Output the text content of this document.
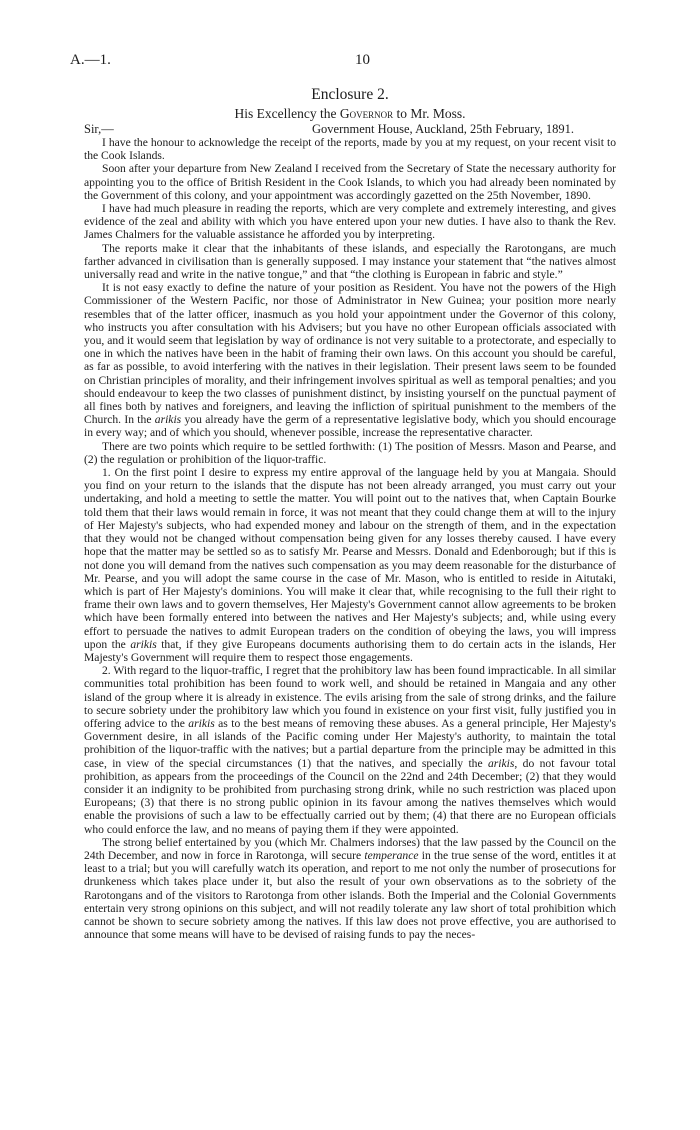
A.—1.	10
Enclosure 2.
His Excellency the Governor to Mr. Moss.
Sir,—	Government House, Auckland, 25th February, 1891.

I have the honour to acknowledge the receipt of the reports, made by you at my request, on your recent visit to the Cook Islands.

Soon after your departure from New Zealand I received from the Secretary of State the necessary authority for appointing you to the office of British Resident in the Cook Islands, to which you had already been nominated by the Government of this colony, and your appointment was accordingly gazetted on the 25th November, 1890.

I have had much pleasure in reading the reports, which are very complete and extremely interesting, and gives evidence of the zeal and ability with which you have entered upon your new duties. I have also to thank the Rev. James Chalmers for the valuable assistance he afforded you by interpreting.

The reports make it clear that the inhabitants of these islands, and especially the Rarotongans, are much farther advanced in civilisation than is generally supposed. I may instance your statement that “the natives almost universally read and write in the native tongue,” and that “the clothing is European in fabric and style.”

It is not easy exactly to define the nature of your position as Resident. You have not the powers of the High Commissioner of the Western Pacific, nor those of Administrator in New Guinea; your position more nearly resembles that of the latter officer, inasmuch as you hold your appointment under the Governor of this colony, who instructs you after consultation with his Advisers; but you have no other European officials associated with you, and it would seem that legislation by way of ordinance is not very suitable to a protectorate, and especially to one in which the natives have been in the habit of framing their own laws. On this account you should be careful, as far as possible, to avoid interfering with the natives in their legislation. Their present laws seem to be founded on Christian principles of morality, and their infringement involves spiritual as well as temporal penalties; and you should endeavour to keep the two classes of punishment distinct, by insisting yourself on the punctual payment of all fines both by natives and foreigners, and leaving the infliction of spiritual punishment to the members of the Church. In the arikis you already have the germ of a representative legislative body, which you should encourage in every way; and of which you should, whenever possible, increase the representative character.

There are two points which require to be settled forthwith: (1) The position of Messrs. Mason and Pearse, and (2) the regulation or prohibition of the liquor-traffic.

1. On the first point I desire to express my entire approval of the language held by you at Mangaia. Should you find on your return to the islands that the dispute has not been already arranged, you must carry out your undertaking, and hold a meeting to settle the matter. You will point out to the natives that, when Captain Bourke told them that their laws would remain in force, it was not meant that they could change them at will to the injury of Her Majesty's subjects, who had expended money and labour on the strength of them, and in the expectation that they would not be changed without compensation being given for any losses thereby caused. I have every hope that the matter may be settled so as to satisfy Mr. Pearse and Messrs. Donald and Edenborough; but if this is not done you will demand from the natives such compensation as you may deem reasonable for the disturbance of Mr. Pearse, and you will adopt the same course in the case of Mr. Mason, who is entitled to reside in Aitutaki, which is part of Her Majesty's dominions. You will make it clear that, while recognising to the full their right to frame their own laws and to govern themselves, Her Majesty's Government cannot allow agreements to be broken which have been formally entered into between the natives and Her Majesty's subjects; and, while using every effort to persuade the natives to admit European traders on the condition of obeying the laws, you will impress upon the arikis that, if they give Europeans documents authorising them to do certain acts in the islands, Her Majesty's Government will require them to respect those engagements.

2. With regard to the liquor-traffic, I regret that the prohibitory law has been found impracticable. In all similar communities total prohibition has been found to work well, and should be retained in Mangaia and any other island of the group where it is already in existence. The evils arising from the sale of strong drinks, and the failure to secure sobriety under the prohibitory law which you found in existence on your first visit, fully justified you in offering advice to the arikis as to the best means of removing these abuses. As a general principle, Her Majesty's Government desire, in all islands of the Pacific coming under Her Majesty's authority, to maintain the total prohibition of the liquor-traffic with the natives; but a partial departure from the principle may be admitted in this case, in view of the special circumstances (1) that the natives, and specially the arikis, do not favour total prohibition, as appears from the proceedings of the Council on the 22nd and 24th December; (2) that they would consider it an indignity to be prohibited from purchasing strong drink, while no such restriction was placed upon Europeans; (3) that there is no strong public opinion in its favour among the natives themselves which would enable the provisions of such a law to be effectually carried out by them; (4) that there are no European officials who could enforce the law, and no means of paying them if they were appointed.

The strong belief entertained by you (which Mr. Chalmers indorses) that the law passed by the Council on the 24th December, and now in force in Rarotonga, will secure temperance in the true sense of the word, entitles it at least to a trial; but you will carefully watch its operation, and report to me not only the number of prosecutions for drunkeness which takes place under it, but also the result of your own observations as to the sobriety of the Rarotongans and of the visitors to Rarotonga from other islands. Both the Imperial and the Colonial Governments entertain very strong opinions on this subject, and will not readily tolerate any law short of total prohibition which cannot be shown to secure sobriety among the natives. If this law does not prove effective, you are authorised to announce that some means will have to be devised of raising funds to pay the neces-
